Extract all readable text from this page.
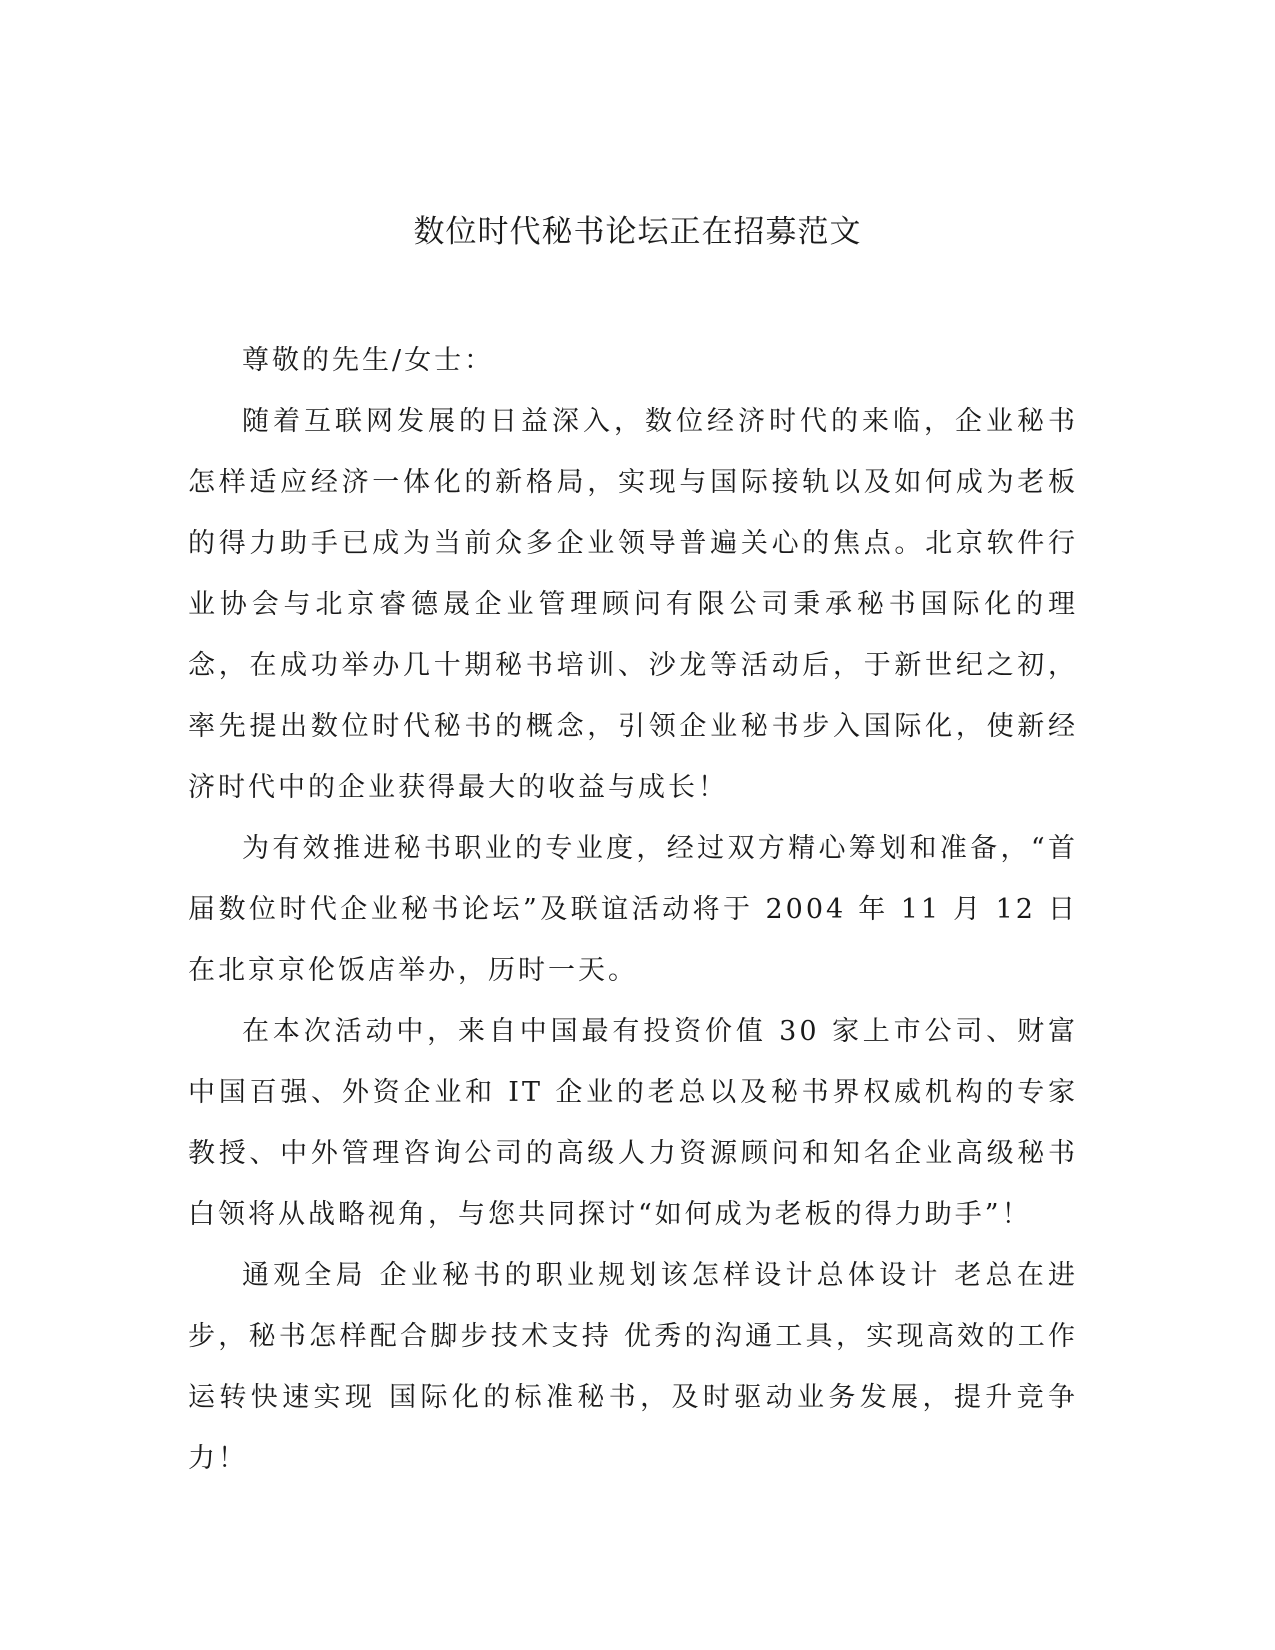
数位时代秘书论坛正在招募范文

尊敬的先生/女士：

随着互联网发展的日益深入，数位经济时代的来临，企业秘书怎样适应经济一体化的新格局，实现与国际接轨以及如何成为老板的得力助手已成为当前众多企业领导普遍关心的焦点。北京软件行业协会与北京睿德晟企业管理顾问有限公司秉承秘书国际化的理念，在成功举办几十期秘书培训、沙龙等活动后，于新世纪之初，率先提出数位时代秘书的概念，引领企业秘书步入国际化，使新经济时代中的企业获得最大的收益与成长！

为有效推进秘书职业的专业度，经过双方精心筹划和准备，“首届数位时代企业秘书论坛”及联谊活动将于 2004 年 11 月 12 日在北京京伦饭店举办，历时一天。

在本次活动中，来自中国最有投资价值 30 家上市公司、财富中国百强、外资企业和 IT 企业的老总以及秘书界权威机构的专家教授、中外管理咨询公司的高级人力资源顾问和知名企业高级秘书白领将从战略视角，与您共同探讨“如何成为老板的得力助手”！

通观全局 企业秘书的职业规划该怎样设计总体设计 老总在进步，秘书怎样配合脚步技术支持 优秀的沟通工具，实现高效的工作运转快速实现 国际化的标准秘书，及时驱动业务发展，提升竞争力！
